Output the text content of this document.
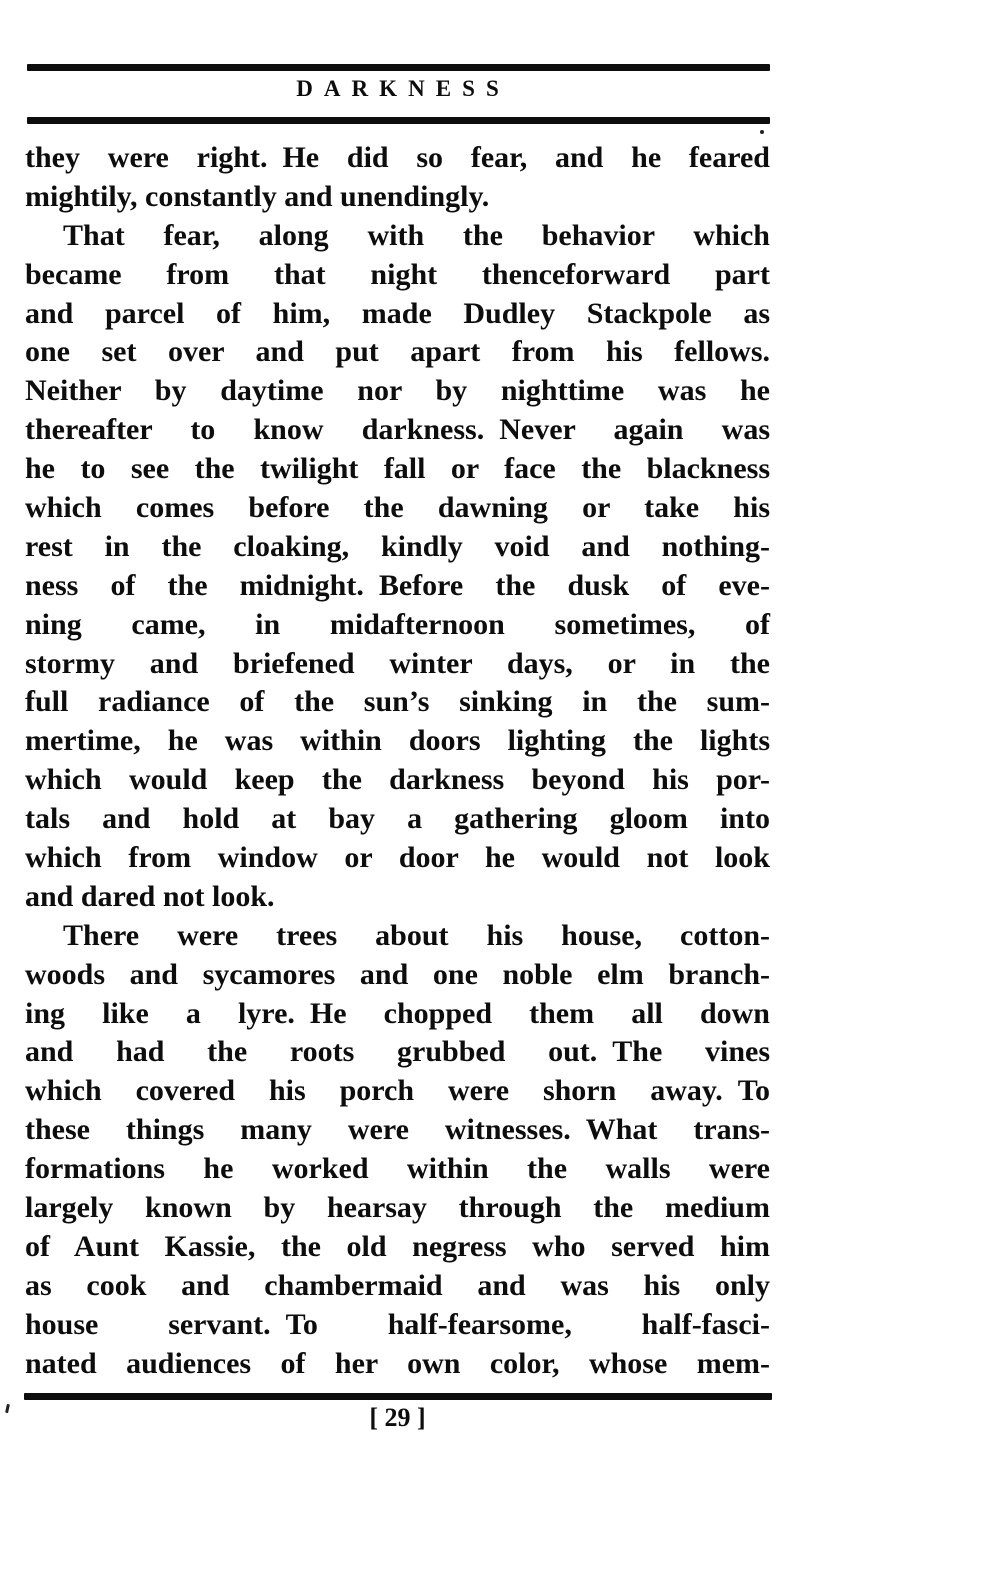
DARKNESS
they were right. He did so fear, and he feared
mightily, constantly and unendingly.
That fear, along with the behavior which
became from that night thenceforward part
and parcel of him, made Dudley Stackpole as
one set over and put apart from his fellows.
Neither by daytime nor by nighttime was he
thereafter to know darkness. Never again was
he to see the twilight fall or face the blackness
which comes before the dawning or take his
rest in the cloaking, kindly void and nothing-
ness of the midnight. Before the dusk of eve-
ning came, in midafternoon sometimes, of
stormy and briefened winter days, or in the
full radiance of the sun’s sinking in the sum-
mertime, he was within doors lighting the lights
which would keep the darkness beyond his por-
tals and hold at bay a gathering gloom into
which from window or door he would not look
and dared not look.
There were trees about his house, cotton-
woods and sycamores and one noble elm branch-
ing like a lyre. He chopped them all down
and had the roots grubbed out. The vines
which covered his porch were shorn away. To
these things many were witnesses. What trans-
formations he worked within the walls were
largely known by hearsay through the medium
of Aunt Kassie, the old negress who served him
as cook and chambermaid and was his only
house servant. To half-fearsome, half-fasci-
nated audiences of her own color, whose mem-
[ 29 ]
